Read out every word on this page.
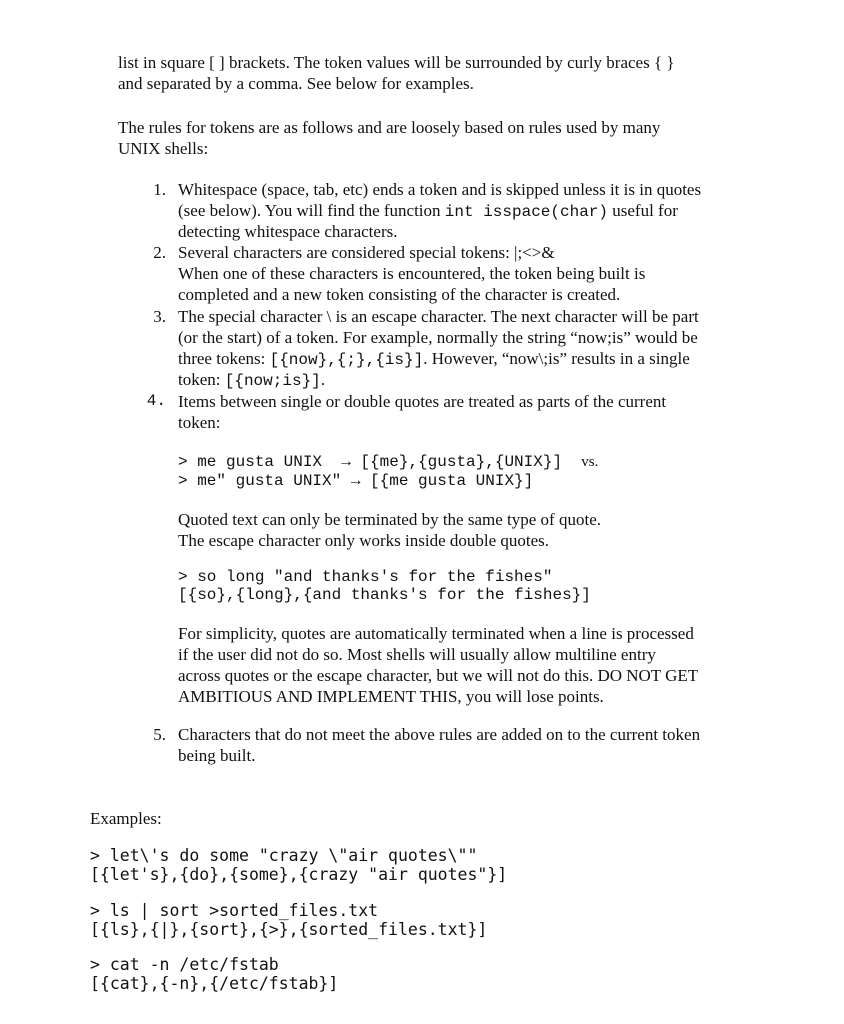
list in square [ ] brackets. The token values will be surrounded by curly braces { }
and separated by a comma. See below for examples.
The rules for tokens are as follows and are loosely based on rules used by many
UNIX shells:
1. Whitespace (space, tab, etc) ends a token and is skipped unless it is in quotes
(see below). You will find the function int isspace(char) useful for
detecting whitespace characters.
2. Several characters are considered special tokens: |;<>&
When one of these characters is encountered, the token being built is
completed and a new token consisting of the character is created.
3. The special character \ is an escape character. The next character will be part
(or the start) of a token. For example, normally the string “now;is” would be
three tokens: [{now},{;},{is}]. However, “now\;is” results in a single
token: [{now;is}].
4. Items between single or double quotes are treated as parts of the current
token:
> me gusta UNIX  → [{me},{gusta},{UNIX}] vs.
> me" gusta UNIX" → [{me gusta UNIX}]
Quoted text can only be terminated by the same type of quote.
The escape character only works inside double quotes.
> so long "and thanks's for the fishes"
[{so},{long},{and thanks's for the fishes}]
For simplicity, quotes are automatically terminated when a line is processed
if the user did not do so. Most shells will usually allow multiline entry
across quotes or the escape character, but we will not do this. DO NOT GET
AMBITIOUS AND IMPLEMENT THIS, you will lose points.
5. Characters that do not meet the above rules are added on to the current token
being built.
Examples:
> let\'s do some "crazy \"air quotes\""
[{let's},{do},{some},{crazy "air quotes"}]
> ls | sort >sorted_files.txt
[{ls},{|},{sort},{>},{sorted_files.txt}]
> cat -n /etc/fstab
[{cat},{-n},{/etc/fstab}]
